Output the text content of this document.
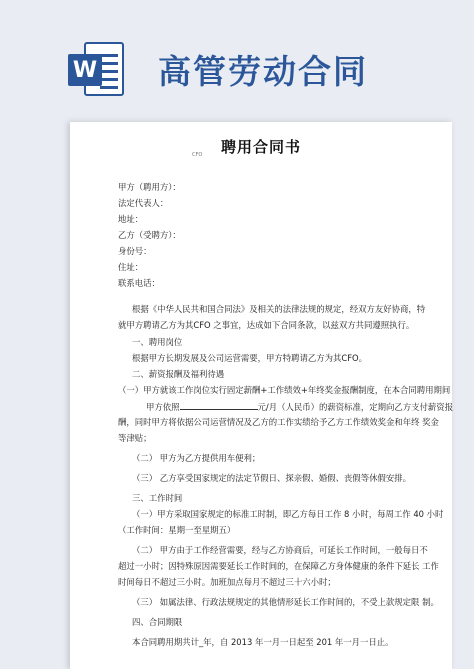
W 高管劳动合同
CFO	聘用合同书
甲方（聘用方）：
法定代表人：
地址：
乙方（受聘方）：
身份号：
住址：
联系电话：
根据《中华人民共和国合同法》及相关的法律法规的规定，经双方友好协商，特
就甲方聘请乙方为其CFO 之事宜，达成如下合同条款，以兹双方共同遵照执行。
一、聘用岗位
根据甲方长期发展及公司运营需要，甲方特聘请乙方为其CFO。
二、薪资报酬及福利待遇
（一）甲方就该工作岗位实行固定薪酬+工作绩效+年终奖金报酬制度，在本合同聘用期间
甲方依照	元/月（人民币）的薪资标准，定期向乙方支付薪资报
酬，同时甲方将依据公司运营情况及乙方的工作实绩给予乙方工作绩效奖金和年终 奖金
等津贴；
（二） 甲方为乙方提供用车便利；
（三） 乙方享受国家规定的法定节假日、探亲假、婚假、丧假等休假安排。
三、工作时间
（一）甲方采取国家规定的标准工时制，即乙方每日工作 8 小时，每周工作 40 小时
（工作时间：星期一至星期五）
（二） 甲方由于工作经营需要，经与乙方协商后，可延长工作时间，一般每日不
超过一小时；因特殊原因需要延长工作时间的，在保障乙方身体健康的条件下延长 工作
时间每日不超过三小时。加班加点每月不超过三十六小时；
（三） 如属法律、行政法规规定的其他情形延长工作时间的，不受上款规定限 制。
四、合同期限
本合同聘用期共计_年，自 2013 年一月一日起至 201 年一月一日止。
